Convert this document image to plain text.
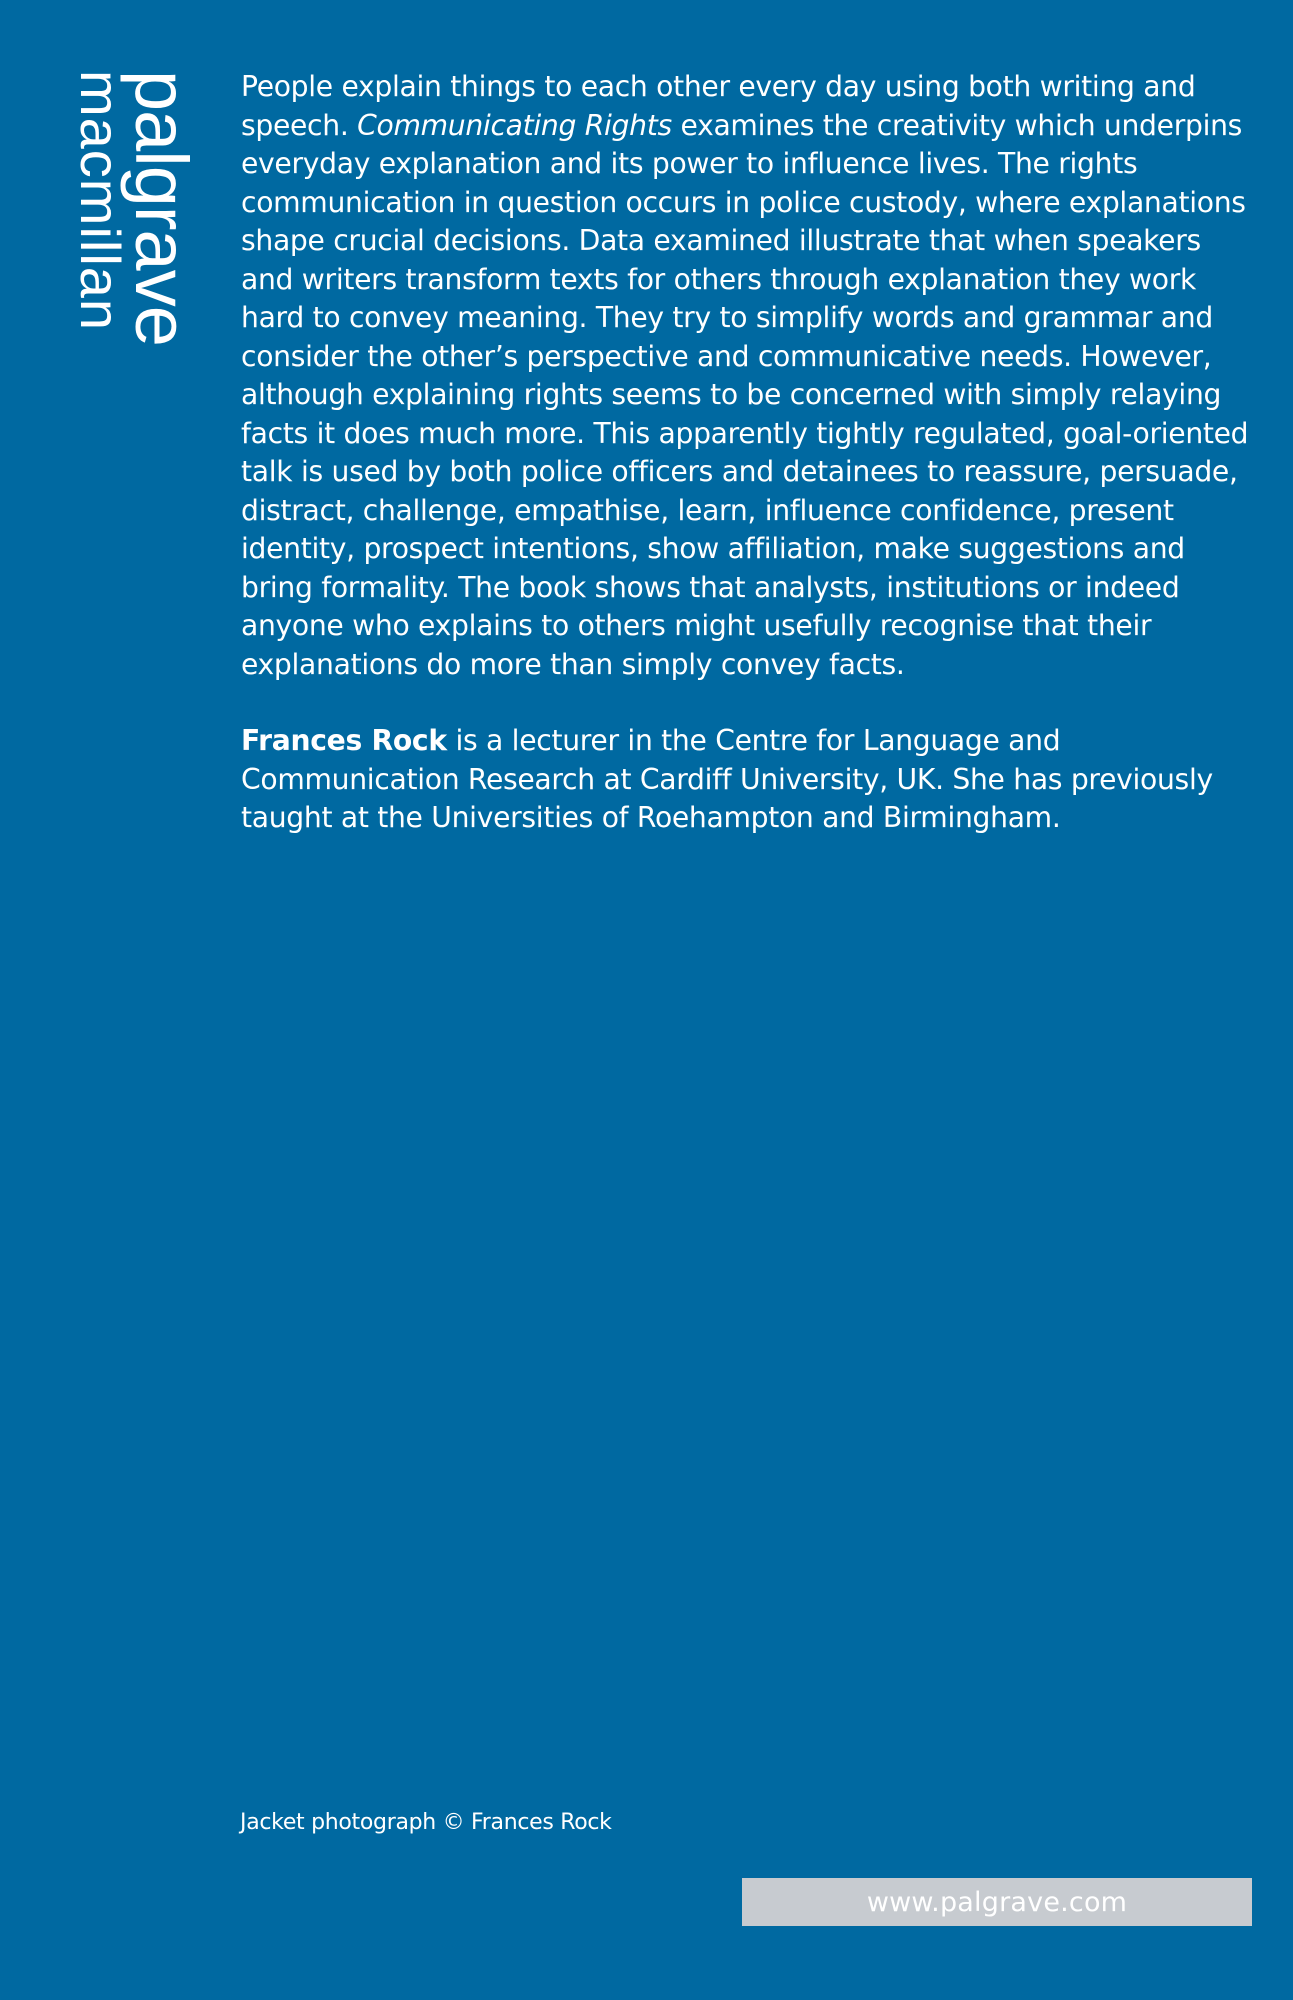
palgrave
macmillan	People explain things to each other every day using both writing and speech. Communicating Rights examines the creativity which underpins everyday explanation and its power to influence lives. The rights communication in question occurs in police custody, where explanations shape crucial decisions. Data examined illustrate that when speakers and writers transform texts for others through explanation they work hard to convey meaning. They try to simplify words and grammar and consider the other’s perspective and communicative needs. However, although explaining rights seems to be concerned with simply relaying facts it does much more. This apparently tightly regulated, goal-oriented talk is used by both police officers and detainees to reassure, persuade, distract, challenge, empathise, learn, influence confidence, present identity, prospect intentions, show affiliation, make suggestions and bring formality. The book shows that analysts, institutions or indeed anyone who explains to others might usefully recognise that their explanations do more than simply convey facts.

Frances Rock is a lecturer in the Centre for Language and Communication Research at Cardiff University, UK. She has previously taught at the Universities of Roehampton and Birmingham.

Jacket photograph © Frances Rock
www.palgrave.com
